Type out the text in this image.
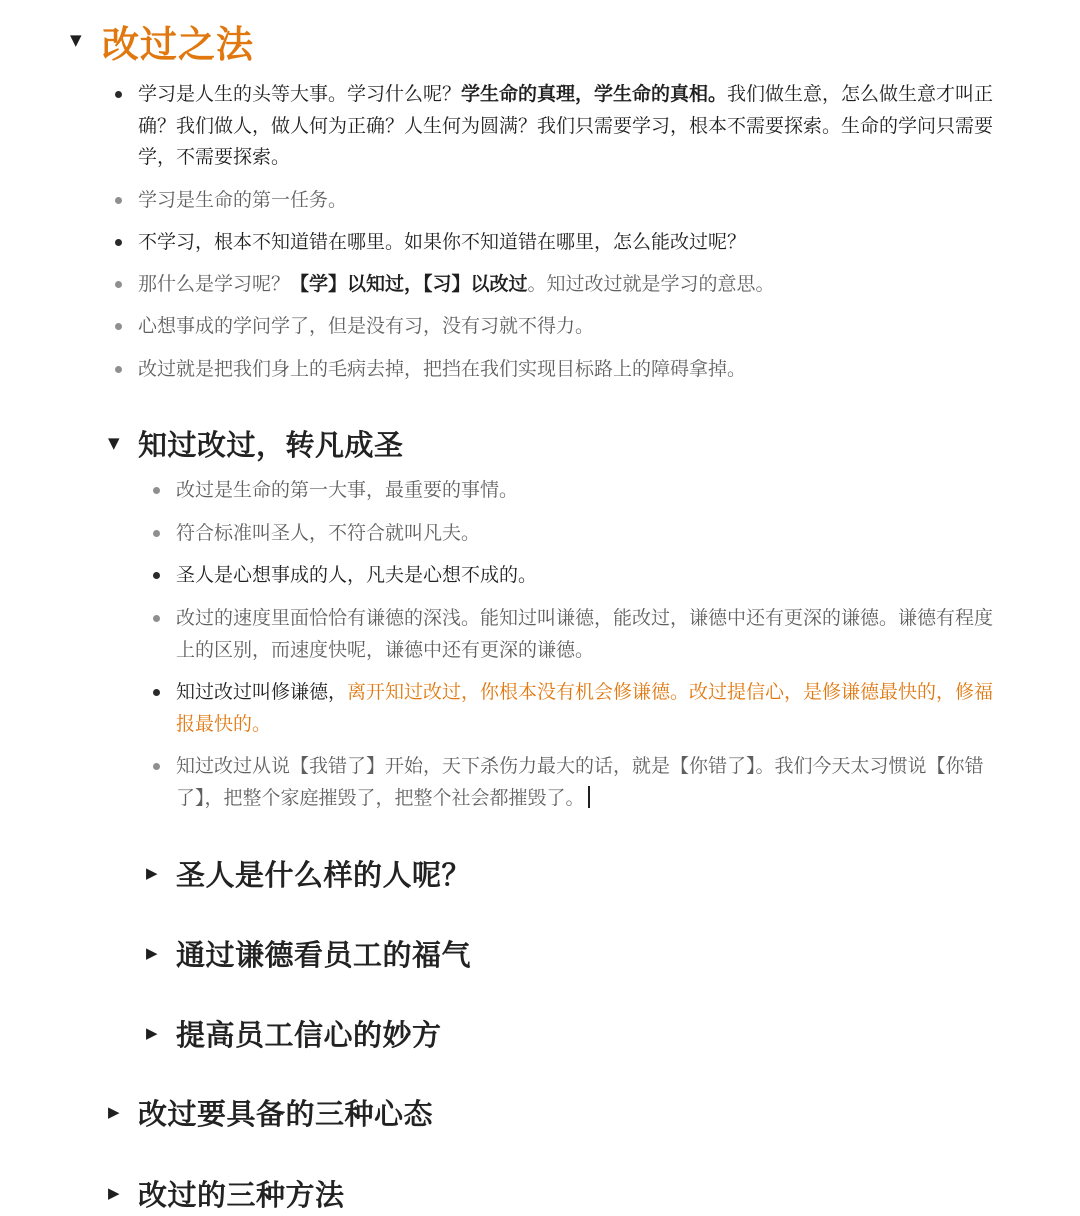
▼ 改过之法
学习是人生的头等大事。学习什么呢？学生命的真理，学生命的真相。我们做生意，怎么做生意才叫正确？我们做人，做人何为正确？人生何为圆满？我们只需要学习，根本不需要探索。生命的学问只需要学，不需要探索。
学习是生命的第一任务。
不学习，根本不知道错在哪里。如果你不知道错在哪里，怎么能改过呢？
那什么是学习呢？【学】以知过，【习】以改过。知过改过就是学习的意思。
心想事成的学问学了，但是没有习，没有习就不得力。
改过就是把我们身上的毛病去掉，把挡在我们实现目标路上的障碍拿掉。
▼ 知过改过，转凡成圣
改过是生命的第一大事，最重要的事情。
符合标准叫圣人，不符合就叫凡夫。
圣人是心想事成的人，凡夫是心想不成的。
改过的速度里面恰恰有谦德的深浅。能知过叫谦德，能改过，谦德中还有更深的谦德。谦德有程度上的区别，而速度快呢，谦德中还有更深的谦德。
知过改过叫修谦德，离开知过改过，你根本没有机会修谦德。改过提信心，是修谦德最快的，修福报最快的。
知过改过从说【我错了】开始，天下杀伤力最大的话，就是【你错了】。我们今天太习惯说【你错了】，把整个家庭摧毁了，把整个社会都摧毁了。
▶ 圣人是什么样的人呢？
▶ 通过谦德看员工的福气
▶ 提高员工信心的妙方
▶ 改过要具备的三种心态
▶ 改过的三种方法
